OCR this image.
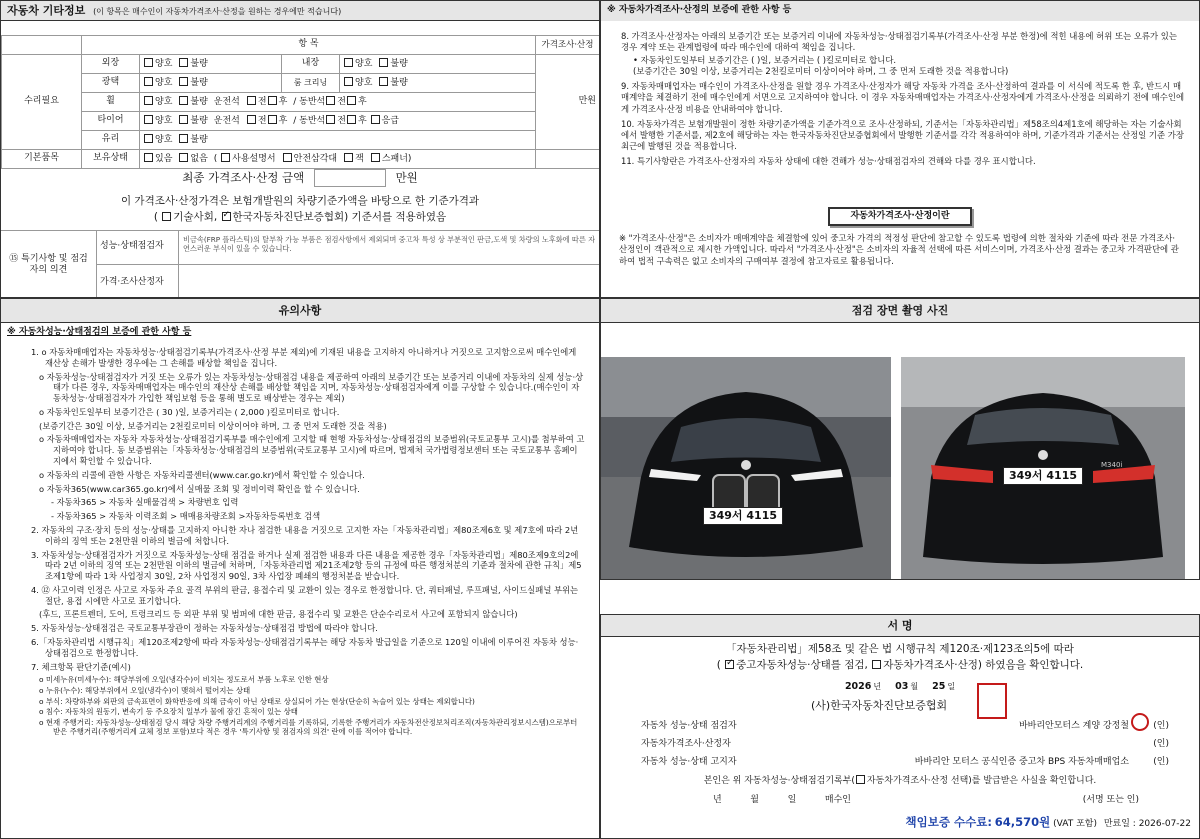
자동차 기타정보 (이 항목은 매수인이 자동차가격조사·산정을 원하는 경우에만 적습니다)
	항 목				가격조사·산정
수리필요	외장	양호 불량	내장	양호 불량	만원
	광택	양호 불량	룸 크리닝	양호 불량	
	휠	양호 불량 운전석 전 후 / 동반석 전 후			
	타이어	양호 불량 운전석 전 후 / 동반석 전 후 응급			
	유리	양호 불량			
기본품목	보유상태	있음 없음 ( 사용설명서 안전삼각대 잭 스패너)			
최종 가격조사·산정 금액	만원
이 가격조사·산정가격은 보험개발원의 차량기준가액을 바탕으로 한 기준가격과
( 기술사회, ✓ 한국자동차진단보증협회) 기준서를 적용하였음
⑮ 특기사항 및 점검자의 의견
성능·상태점검자
비금속(FRP 플라스틱)의 탈부착 가능 부품은 점검사항에서 제외되며 중고차 특성 상 부분적인 판금,도색 및 차량의 노후화에 따른 자연스러운 부식이 있을 수 있습니다.
가격·조사산정자
※ 자동차가격조사·산정의 보증에 관한 사항 등

8. 가격조사·산정자는 아래의 보증기간 또는 보증거리 이내에 자동차성능·상태점검기록부(가격조사·산정 부분 한정)에 적힌 내용에 허위 또는 오류가 있는 경우 계약 또는 관계법령에 따라 매수인에 대하여 책임을 집니다.

• 자동차인도일부터 보증기간은 ( )일, 보증거리는 ( )킬로미터로 합니다.

(보증기간은 30일 이상, 보증거리는 2천킬로미터 이상이어야 하며, 그 중 먼저 도래한 것을 적용합니다)

9. 자동차매매업자는 매수인이 가격조사·산정을 원할 경우 가격조사·산정자가 해당 자동차 가격을 조사·산정하여 결과를 이 서식에 적도록 한 후, 반드시 매매계약을 체결하기 전에 매수인에게 서면으로 고지하여야 합니다. 이 경우 자동차매매업자는 가격조사·산정자에게 가격조사·산정을 의뢰하기 전에 매수인에게 가격조사·산정 비용을 안내하여야 합니다.

10. 자동차가격은 보험개발원이 정한 차량기준가액을 기준가격으로 조사·산정하되, 기준서는「자동차관리법」제58조의4제1호에 해당하는 자는 기술사회에서 발행한 기준서를, 제2호에 해당하는 자는 한국자동차진단보증협회에서 발행한 기준서를 각각 적용하여야 하며, 기준가격과 기준서는 산정일 기준 가장 최근에 발행된 것을 적용합니다.

11. 특기사항란은 가격조사·산정자의 자동차 상태에 대한 견해가 성능·상태점검자의 견해와 다를 경우 표시합니다.

자동차가격조사·산정이란
※ "가격조사·산정"은 소비자가 매매계약을 체결함에 있어 중고차 가격의 적정성 판단에 참고할 수 있도록 법령에 의한 절차와 기준에 따라 전문 가격조사·산정인이 객관적으로 제시한 가액입니다. 따라서 "가격조사·산정"은 소비자의 자율적 선택에 따른 서비스이며, 가격조사·산정 결과는 중고차 가격판단에 관하여 법적 구속력은 없고 소비자의 구매여부 결정에 참고자료로 활용됩니다.
유의사항
※ 자동차성능·상태점검의 보증에 관한 사항 등
1. o 자동차매매업자는 자동차성능·상태점검기록부(가격조사·산정 부분 제외)에 기재된 내용을 고지하지 아니하거나 거짓으로 고지함으로써 매수인에게 재산상 손해가 발생한 경우에는 그 손해를 배상할 책임을 집니다.
o 자동차성능·상태점검자가 거짓 또는 오류가 있는 자동차성능·상태점검 내용을 제공하여 아래의 보증기간 또는 보증거리 이내에 자동차의 실제 성능·상태가 다른 경우, 자동차매매업자는 매수인의 재산상 손해를 배상할 책임을 지며, 자동차성능·상태점검자에게 이를 구상할 수 있습니다.(매수인이 자동차성능·상태점검자가 가입한 책임보험 등을 통해 별도로 배상받는 경우는 제외)
o 자동차인도일부터 보증기간은 ( 30 )일, 보증거리는 ( 2,000 )킬로미터로 합니다.
(보증기간은 30일 이상, 보증거리는 2천킬로미터 이상이어야 하며, 그 중 먼저 도래한 것을 적용)
o 자동차매매업자는 자동차 자동차성능·상태점검기록부를 매수인에게 고지할 때 현행 자동차성능·상태점검의 보증범위(국토교통부 고시)를 첨부하여 고지하여야 합니다. 동 보증범위는「자동차성능·상태점검의 보증범위(국토교통부 고시)에 따르며, 법제처 국가법령정보센터 또는 국토교통부 홈페이지에서 확인할 수 있습니다.
o 자동차의 리콜에 관한 사항은 자동차리콜센터(www.car.go.kr)에서 확인할 수 있습니다.
o 자동차365(www.car365.go.kr)에서 실매물 조회 및 정비이력 확인을 할 수 있습니다.
- 자동차365 > 자동차 실매물검색 > 차량번호 입력
- 자동차365 > 자동차 이력조회 > 매매용차량조회 >자동차등록번호 검색
2. 자동차의 구조·장치 등의 성능·상태를 고지하지 아니한 자나 점검한 내용을 거짓으로 고지한 자는「자동차관리법」제80조제6호 및 제7호에 따라 2년 이하의 징역 또는 2천만원 이하의 벌금에 처합니다.
3. 자동차성능·상태점검자가 거짓으로 자동차성능·상태 점검을 하거나 실제 점검한 내용과 다른 내용을 제공한 경우「자동차관리법」제80조제9호의2에 따라 2년 이하의 징역 또는 2천만원 이하의 벌금에 처하며,「자동차관리법 제21조제2항 등의 규정에 따른 행정처분의 기준과 절차에 관한 규칙」제5조제1항에 따라 1차 사업정지 30일, 2차 사업정지 90일, 3차 사업장 폐쇄의 행정처분을 받습니다.
4. ⑫ 사고이력 인정은 사고로 자동차 주요 골격 부위의 판금, 용접수리 및 교환이 있는 경우로 한정합니다. 단, 쿼터패널, 루프패널, 사이드실패널 부위는 절단, 용접 시에만 사고로 표기합니다.
(후드, 프론트펜더, 도어, 트렁크리드 등 외판 부위 및 범퍼에 대한 판금, 용접수리 및 교환은 단순수리로서 사고에 포함되지 않습니다)
5. 자동차성능·상태점검은 국토교통부장관이 정하는 자동차성능·상태점검 방법에 따라야 합니다.
6.「자동차관리법 시행규칙」제120조제2항에 따라 자동차성능·상태점검기록부는 해당 자동차 발급일을 기준으로 120일 이내에 이루어진 자동차 성능·상태점검으로 한정합니다.
7. 체크항목 판단기준(예시)
o 미세누유(미세누수): 해당부위에 오일(냉각수)이 비치는 정도로서 부품 노후로 인한 현상
o 누유(누수): 해당부위에서 오일(냉각수)이 맺혀서 떨어지는 상태
o 부식: 차량하부와 외판의 금속표면이 화학반응에 의해 금속이 아닌 상태로 상실되어 가는 현상(단순히 녹슬어 있는 상태는 제외합니다)
o 침수: 자동차의 원동기, 변속기 등 주요장치 일부가 물에 잠긴 흔적이 있는 상태
o 현재 주행거리: 자동차성능·상태점검 당시 해당 차량 주행거리계의 주행거리를 기록하되, 기록한 주행거리가 자동차전산정보처리조직(자동차관리정보시스템)으로부터 받은 주행거리(주행거리계 교체 정보 포함)보다 적은 경우 '특기사항 및 점검자의 의견' 란에 이를 적어야 합니다.
점검 장면 촬영 사진
349서 4115
M340i
349서 4115
서 명
「자동차관리법」제58조 및 같은 법 시행규칙 제120조·제123조의5에 따라
( ✓중고자동차성능·상태를 점검, 자동차가격조사·산정) 하였음을 확인합니다.
2026 년 03 월 25 일
(사)한국자동차진단보증협회
자동차 성능·상태 점검자	바바리안모터스 계양 강정철	(인)
자동차가격조사·산정자	(인)
자동차 성능·상태 고지자	바바리안 모터스 공식인증 중고차 BPS 자동차매매업소	(인)
본인은 위 자동차성능·상태점검기록부( 자동차가격조사·산정 선택)를 발급받은 사실을 확인합니다.
년          월          일          매수인	(서명 또는 인)
책임보증 수수료: 64,570원 (VAT 포함) 만료일 : 2026-07-22
